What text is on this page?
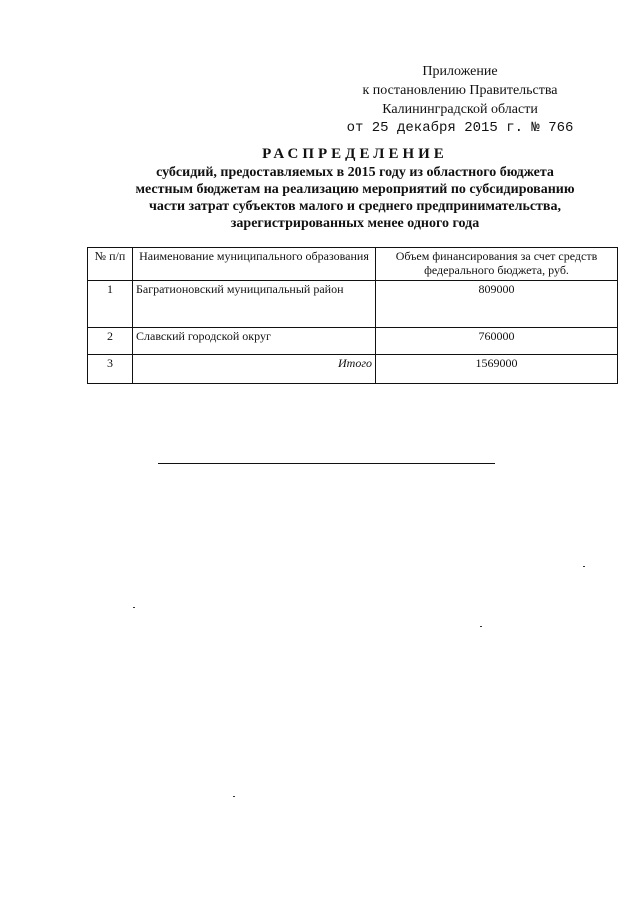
Приложение
к постановлению Правительства
Калининградской области
от 25 декабря 2015 г. № 766
РАСПРЕДЕЛЕНИЕ
субсидий, предоставляемых в 2015 году из областного бюджета
местным бюджетам на реализацию мероприятий по субсидированию
части затрат субъектов малого и среднего предпринимательства,
зарегистрированных менее одного года
№ п/п	Наименование муниципального образования	Объем финансирования за счет средств федерального бюджета, руб.
1	Багратионовский муниципальный район	809000
2	Славский городской округ	760000
3	Итого	1569000
